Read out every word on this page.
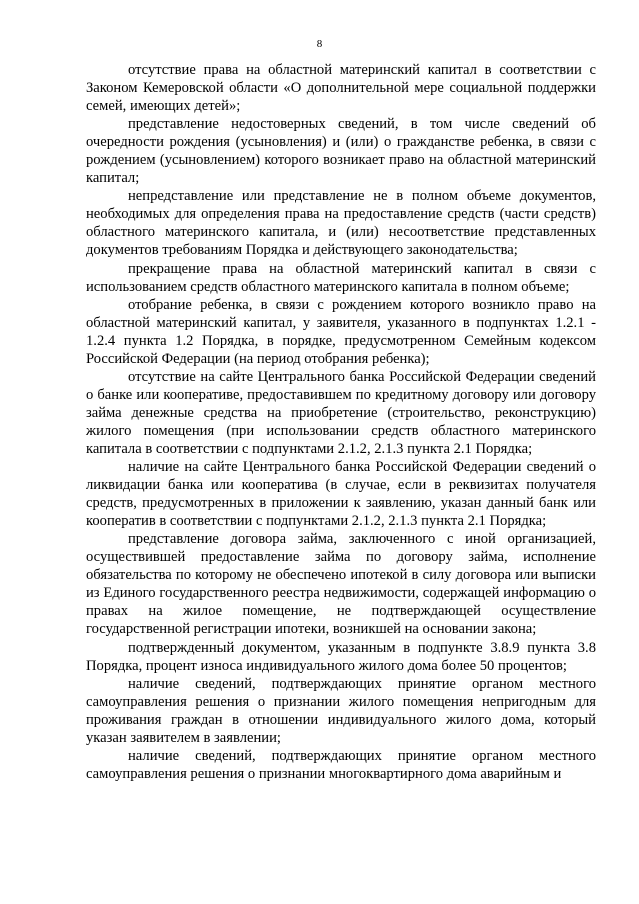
8

отсутствие права на областной материнский капитал в соответствии с Законом Кемеровской области «О дополнительной мере социальной поддержки семей, имеющих детей»;

представление недостоверных сведений, в том числе сведений об очередности рождения (усыновления) и (или) о гражданстве ребенка, в связи с рождением (усыновлением) которого возникает право на областной материнский капитал;

непредставление или представление не в полном объеме документов, необходимых для определения права на предоставление средств (части средств) областного материнского капитала, и (или) несоответствие представленных документов требованиям Порядка и действующего законодательства;

прекращение права на областной материнский капитал в связи с использованием средств областного материнского капитала в полном объеме;

отобрание ребенка, в связи с рождением которого возникло право на областной материнский капитал, у заявителя, указанного в подпунктах 1.2.1 - 1.2.4 пункта 1.2 Порядка, в порядке, предусмотренном Семейным кодексом Российской Федерации (на период отобрания ребенка);

отсутствие на сайте Центрального банка Российской Федерации сведений о банке или кооперативе, предоставившем по кредитному договору или договору займа денежные средства на приобретение (строительство, реконструкцию) жилого помещения (при использовании средств областного материнского капитала в соответствии с подпунктами 2.1.2, 2.1.3 пункта 2.1 Порядка;

наличие на сайте Центрального банка Российской Федерации сведений о ликвидации банка или кооператива (в случае, если в реквизитах получателя средств, предусмотренных в приложении к заявлению, указан данный банк или кооператив в соответствии с подпунктами 2.1.2, 2.1.3 пункта 2.1 Порядка;

представление договора займа, заключенного с иной организацией, осуществившей предоставление займа по договору займа, исполнение обязательства по которому не обеспечено ипотекой в силу договора или выписки из Единого государственного реестра недвижимости, содержащей информацию о правах на жилое помещение, не подтверждающей осуществление государственной регистрации ипотеки, возникшей на основании закона;

подтвержденный документом, указанным в подпункте 3.8.9 пункта 3.8 Порядка, процент износа индивидуального жилого дома более 50 процентов;

наличие сведений, подтверждающих принятие органом местного самоуправления решения о признании жилого помещения непригодным для проживания граждан в отношении индивидуального жилого дома, который указан заявителем в заявлении;

наличие сведений, подтверждающих принятие органом местного самоуправления решения о признании многоквартирного дома аварийным и
